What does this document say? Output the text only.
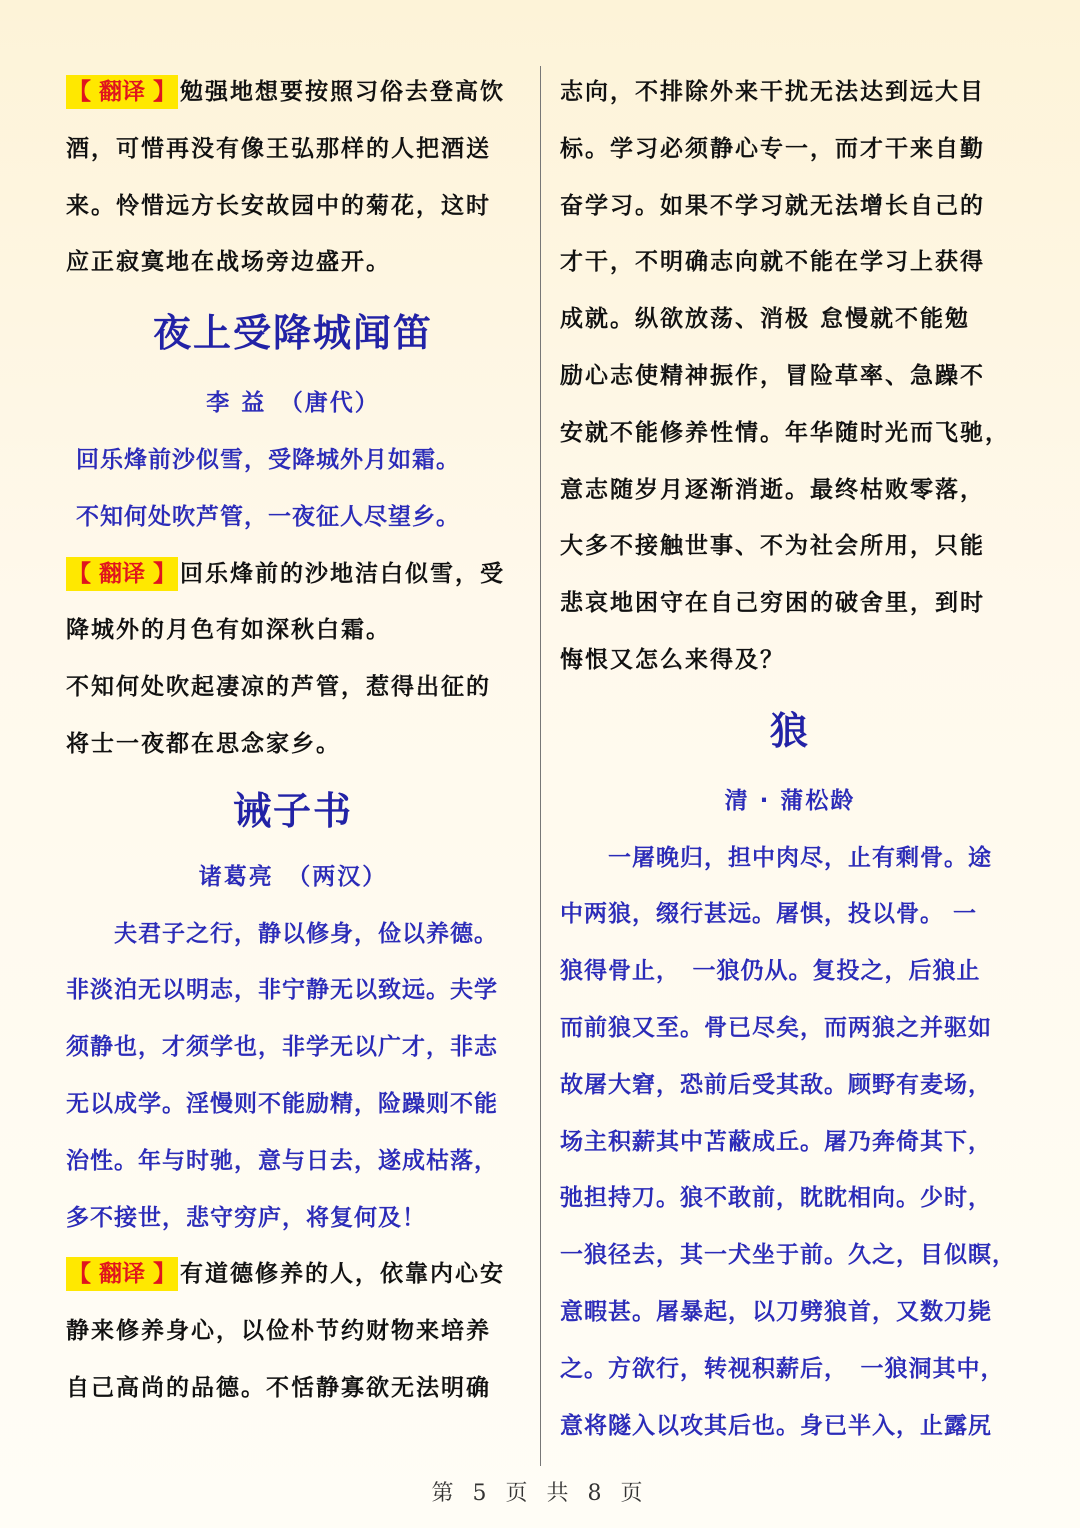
【 翻译 】 勉强地想要按照习俗去登高饮
酒，可惜再没有像王弘那样的人把酒送
来。怜惜远方长安故园中的菊花，这时
应正寂寞地在战场旁边盛开。
夜上受降城闻笛
李 益　（唐代）
回乐烽前沙似雪，受降城外月如霜。
不知何处吹芦管，一夜征人尽望乡。
【 翻译 】 回乐烽前的沙地洁白似雪，受
降城外的月色有如深秋白霜。
不知何处吹起凄凉的芦管，惹得出征的
将士一夜都在思念家乡。
诫子书
诸葛亮　（两汉）
夫君子之行，静以修身，俭以养德。
非淡泊无以明志，非宁静无以致远。夫学
须静也，才须学也，非学无以广才，非志
无以成学。淫慢则不能励精，险躁则不能
治性。年与时驰，意与日去，遂成枯落，
多不接世，悲守穷庐，将复何及！
【 翻译 】 有道德修养的人，依靠内心安
静来修养身心，以俭朴节约财物来培养
自己高尚的品德。不恬静寡欲无法明确
志向，不排除外来干扰无法达到远大目
标。学习必须静心专一，而才干来自勤
奋学习。如果不学习就无法增长自己的
才干，不明确志向就不能在学习上获得
成就。纵欲放荡、消极 怠慢就不能勉
励心志使精神振作，冒险草率、急躁不
安就不能修养性情。年华随时光而飞驰，
意志随岁月逐渐消逝。最终枯败零落，
大多不接触世事、不为社会所用，只能
悲哀地困守在自己穷困的破舍里，到时
悔恨又怎么来得及？
狼
清 · 蒲松龄
一屠晚归，担中肉尽，止有剩骨。途
中两狼，缀行甚远。屠惧，投以骨。 一
狼得骨止，　一狼仍从。复投之，后狼止
而前狼又至。骨已尽矣，而两狼之并驱如
故屠大窘，恐前后受其敌。顾野有麦场，
场主积薪其中苫蔽成丘。屠乃奔倚其下，
弛担持刀。狼不敢前，眈眈相向。少时，
一狼径去，其一犬坐于前。久之，目似瞑，
意暇甚。屠暴起，以刀劈狼首，又数刀毙
之。方欲行，转视积薪后，　一狼洞其中，
意将隧入以攻其后也。身已半入，止露尻
第 5 页 共 8 页
